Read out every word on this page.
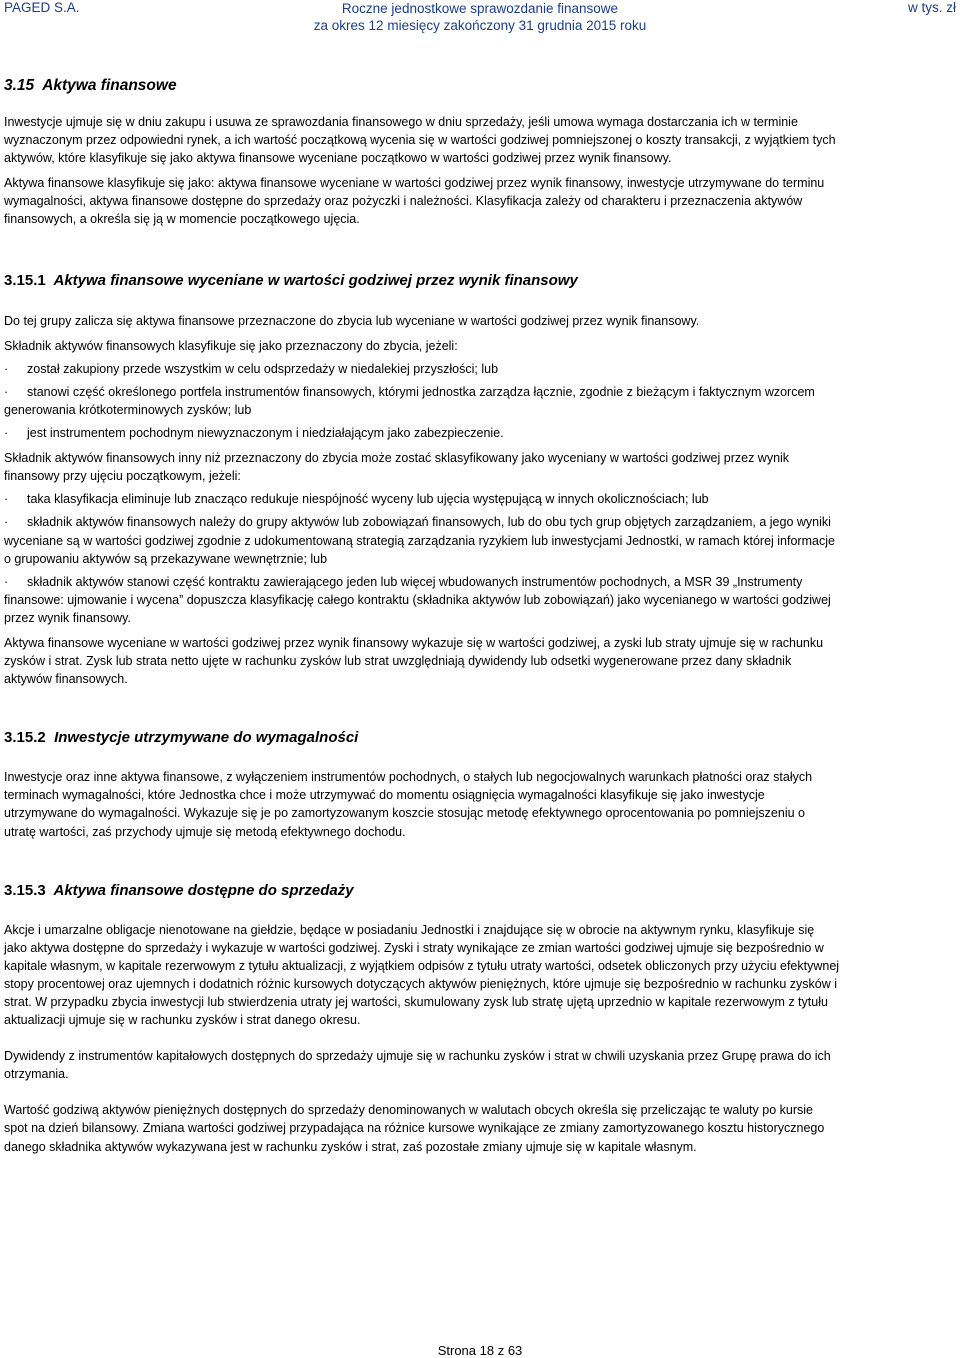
PAGED S.A.	Roczne jednostkowe sprawozdanie finansowe
za okres 12 miesięcy zakończony 31 grudnia 2015 roku
w tys. zł
3.15  Aktywa finansowe

Inwestycje ujmuje się w dniu zakupu i usuwa ze sprawozdania finansowego w dniu sprzedaży, jeśli umowa wymaga dostarczania ich w terminie wyznaczonym przez odpowiedni rynek, a ich wartość początkową wycenia się w wartości godziwej pomniejszonej o koszty transakcji, z wyjątkiem tych aktywów, które klasyfikuje się jako aktywa finansowe wyceniane początkowo w wartości godziwej przez wynik finansowy.

Aktywa finansowe klasyfikuje się jako: aktywa finansowe wyceniane w wartości godziwej przez wynik finansowy, inwestycje utrzymywane do terminu wymagalności, aktywa finansowe dostępne do sprzedaży oraz pożyczki i należności. Klasyfikacja zależy od charakteru i przeznaczenia aktywów finansowych, a określa się ją w momencie początkowego ujęcia.

3.15.1 Aktywa finansowe wyceniane w wartości godziwej przez wynik finansowy

Do tej grupy zalicza się aktywa finansowe przeznaczone do zbycia lub wyceniane w wartości godziwej przez wynik finansowy.

Składnik aktywów finansowych klasyfikuje się jako przeznaczony do zbycia, jeżeli:

· został zakupiony przede wszystkim w celu odsprzedaży w niedalekiej przyszłości; lub
· stanowi część określonego portfela instrumentów finansowych, którymi jednostka zarządza łącznie, zgodnie z bieżącym i faktycznym wzorcem generowania krótkoterminowych zysków; lub
· jest instrumentem pochodnym niewyznaczonym i niedziałającym jako zabezpieczenie.

Składnik aktywów finansowych inny niż przeznaczony do zbycia może zostać sklasyfikowany jako wyceniany w wartości godziwej przez wynik finansowy przy ujęciu początkowym, jeżeli:

· taka klasyfikacja eliminuje lub znacząco redukuje niespójność wyceny lub ujęcia występującą w innych okolicznościach; lub
· składnik aktywów finansowych należy do grupy aktywów lub zobowiązań finansowych, lub do obu tych grup objętych zarządzaniem, a jego wyniki wyceniane są w wartości godziwej zgodnie z udokumentowaną strategią zarządzania ryzykiem lub inwestycjami Jednostki, w ramach której informacje o grupowaniu aktywów są przekazywane wewnętrznie; lub
· składnik aktywów stanowi część kontraktu zawierającego jeden lub więcej wbudowanych instrumentów pochodnych, a MSR 39 „Instrumenty finansowe: ujmowanie i wycena” dopuszcza klasyfikację całego kontraktu (składnika aktywów lub zobowiązań) jako wycenianego w wartości godziwej przez wynik finansowy.

Aktywa finansowe wyceniane w wartości godziwej przez wynik finansowy wykazuje się w wartości godziwej, a zyski lub straty ujmuje się w rachunku zysków i strat. Zysk lub strata netto ujęte w rachunku zysków lub strat uwzględniają dywidendy lub odsetki wygenerowane przez dany składnik aktywów finansowych.

3.15.2 Inwestycje utrzymywane do wymagalności

Inwestycje oraz inne aktywa finansowe, z wyłączeniem instrumentów pochodnych, o stałych lub negocjowalnych warunkach płatności oraz stałych terminach wymagalności, które Jednostka chce i może utrzymywać do momentu osiągnięcia wymagalności klasyfikuje się jako inwestycje utrzymywane do wymagalności. Wykazuje się je po zamortyzowanym koszcie stosując metodę efektywnego oprocentowania po pomniejszeniu o utratę wartości, zaś przychody ujmuje się metodą efektywnego dochodu.

3.15.3 Aktywa finansowe dostępne do sprzedaży

Akcje i umarzalne obligacje nienotowane na giełdzie, będące w posiadaniu Jednostki i znajdujące się w obrocie na aktywnym rynku, klasyfikuje się jako aktywa dostępne do sprzedaży i wykazuje w wartości godziwej. Zyski i straty wynikające ze zmian wartości godziwej ujmuje się bezpośrednio w kapitale własnym, w kapitale rezerwowym z tytułu aktualizacji, z wyjątkiem odpisów z tytułu utraty wartości, odsetek obliczonych przy użyciu efektywnej stopy procentowej oraz ujemnych i dodatnich różnic kursowych dotyczących aktywów pieniężnych, które ujmuje się bezpośrednio w rachunku zysków i strat. W przypadku zbycia inwestycji lub stwierdzenia utraty jej wartości, skumulowany zysk lub stratę ujętą uprzednio w kapitale rezerwowym z tytułu aktualizacji ujmuje się w rachunku zysków i strat danego okresu.

Dywidendy z instrumentów kapitałowych dostępnych do sprzedaży ujmuje się w rachunku zysków i strat w chwili uzyskania przez Grupę prawa do ich otrzymania.

Wartość godziwą aktywów pieniężnych dostępnych do sprzedaży denominowanych w walutach obcych określa się przeliczając te waluty po kursie spot na dzień bilansowy. Zmiana wartości godziwej przypadająca na różnice kursowe wynikające ze zmiany zamortyzowanego kosztu historycznego danego składnika aktywów wykazywana jest w rachunku zysków i strat, zaś pozostałe zmiany ujmuje się w kapitale własnym.

Strona 18 z 63
